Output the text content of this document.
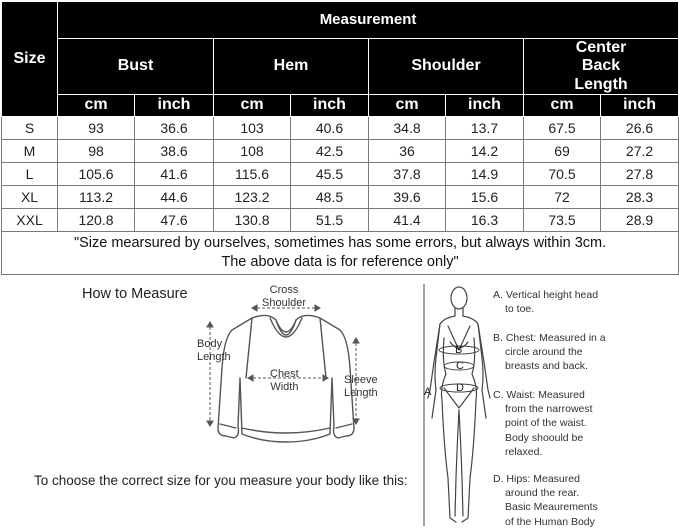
Size	Measurement							
	Bust		Hem		Shoulder		Center Back Length	
	cm	inch	cm	inch	cm	inch	cm	inch
S	93	36.6	103	40.6	34.8	13.7	67.5	26.6
M	98	38.6	108	42.5	36	14.2	69	27.2
L	105.6	41.6	115.6	45.5	37.8	14.9	70.5	27.8
XL	113.2	44.6	123.2	48.5	39.6	15.6	72	28.3
XXL	120.8	47.6	130.8	51.5	41.4	16.3	73.5	28.9

"Size mearsured by ourselves, sometimes has some errors, but always within 3cm.
The above data is for reference only"								
How to Measure	Cross
Shoulder
Body
Length
Chest
Width
Sleeve
Length
To choose the correct size for you measure your body like this:
B
C
D
A
A. Vertical height head
to toe.
B. Chest: Measured in a
circle around the
breasts and back.
C. Waist: Measured
from the narrowest
point of the waist.
Body shoould be
relaxed.
D. Hips: Measured
around the rear.
Basic Meaurements
of the Human Body
